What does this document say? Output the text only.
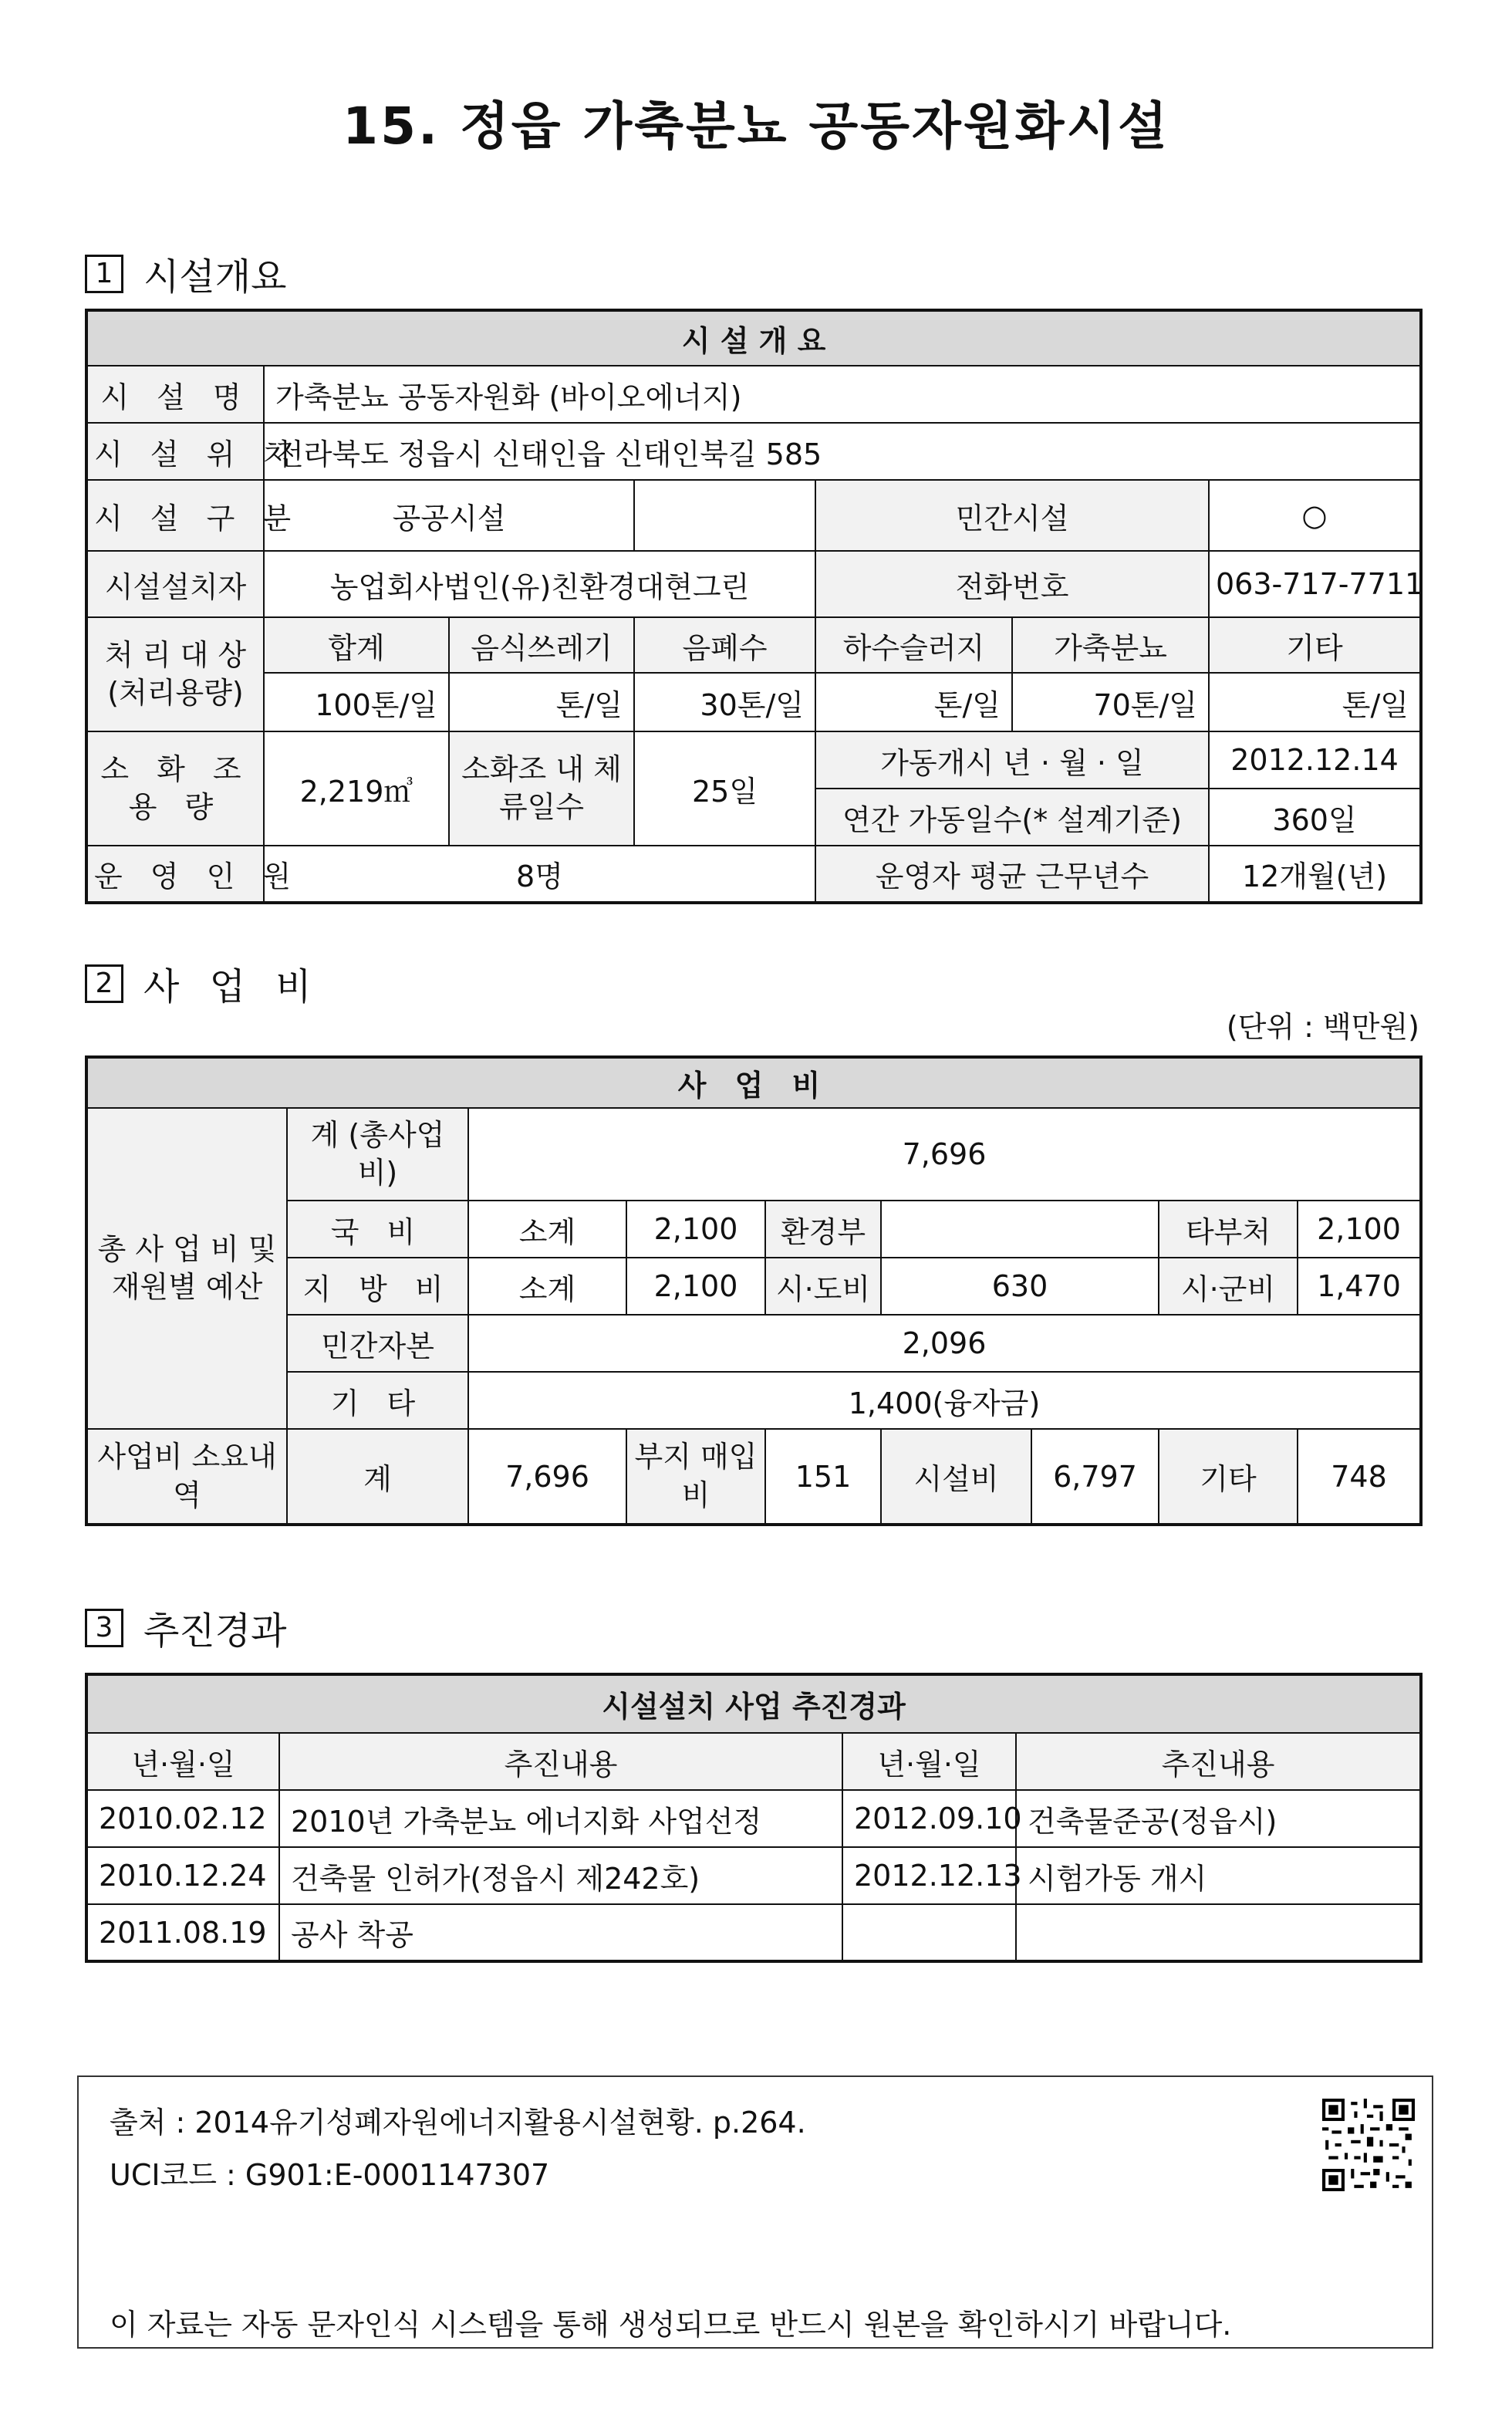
15. 정읍 가축분뇨 공동자원화시설
1 시설개요
시 설 개 요						
시 설 명	가축분뇨 공동자원화 (바이오에너지)					
시 설 위 치	전라북도 정읍시 신태인읍 신태인북길 585					
시 설 구 분	공공시설			민간시설		○
시설설치자	농업회사법인(유)친환경대현그린			전화번호		063-717-7711
처 리 대 상 (처리용량)	합계	음식쓰레기	음폐수	하수슬러지	가축분뇨	기타
	100톤/일	톤/일	30톤/일	톤/일	70톤/일	톤/일
소 화 조 용 량	2,219㎥	소화조 내 체류일수	25일	가동개시 년 · 월 · 일		2012.12.14
				연간 가동일수(* 설계기준)		360일
운 영 인 원	8명			운영자 평균 근무년수		12개월(년)
2 사 업 비
(단위 : 백만원)
사 업 비								
총 사 업 비 및 재원별 예산	계 (총사업비)	7,696						
	국 비	소계	2,100	환경부			타부처	2,100
	지 방 비	소계	2,100	시·도비	630		시·군비	1,470
	민간자본	2,096						
	기 타	1,400(융자금)						
사업비 소요내역	계	7,696	부지 매입비	151	시설비	6,797	기타	748
3 추진경과
시설설치 사업 추진경과			
년·월·일	추진내용	년·월·일	추진내용
2010.02.12	2010년 가축분뇨 에너지화 사업선정	2012.09.10	건축물준공(정읍시)
2010.12.24	건축물 인허가(정읍시 제242호)	2012.12.13	시험가동 개시
2011.08.19	공사 착공		
출처 : 2014유기성폐자원에너지활용시설현황. p.264.
UCI코드 : G901:E-0001147307
이 자료는 자동 문자인식 시스템을 통해 생성되므로 반드시 원본을 확인하시기 바랍니다.
